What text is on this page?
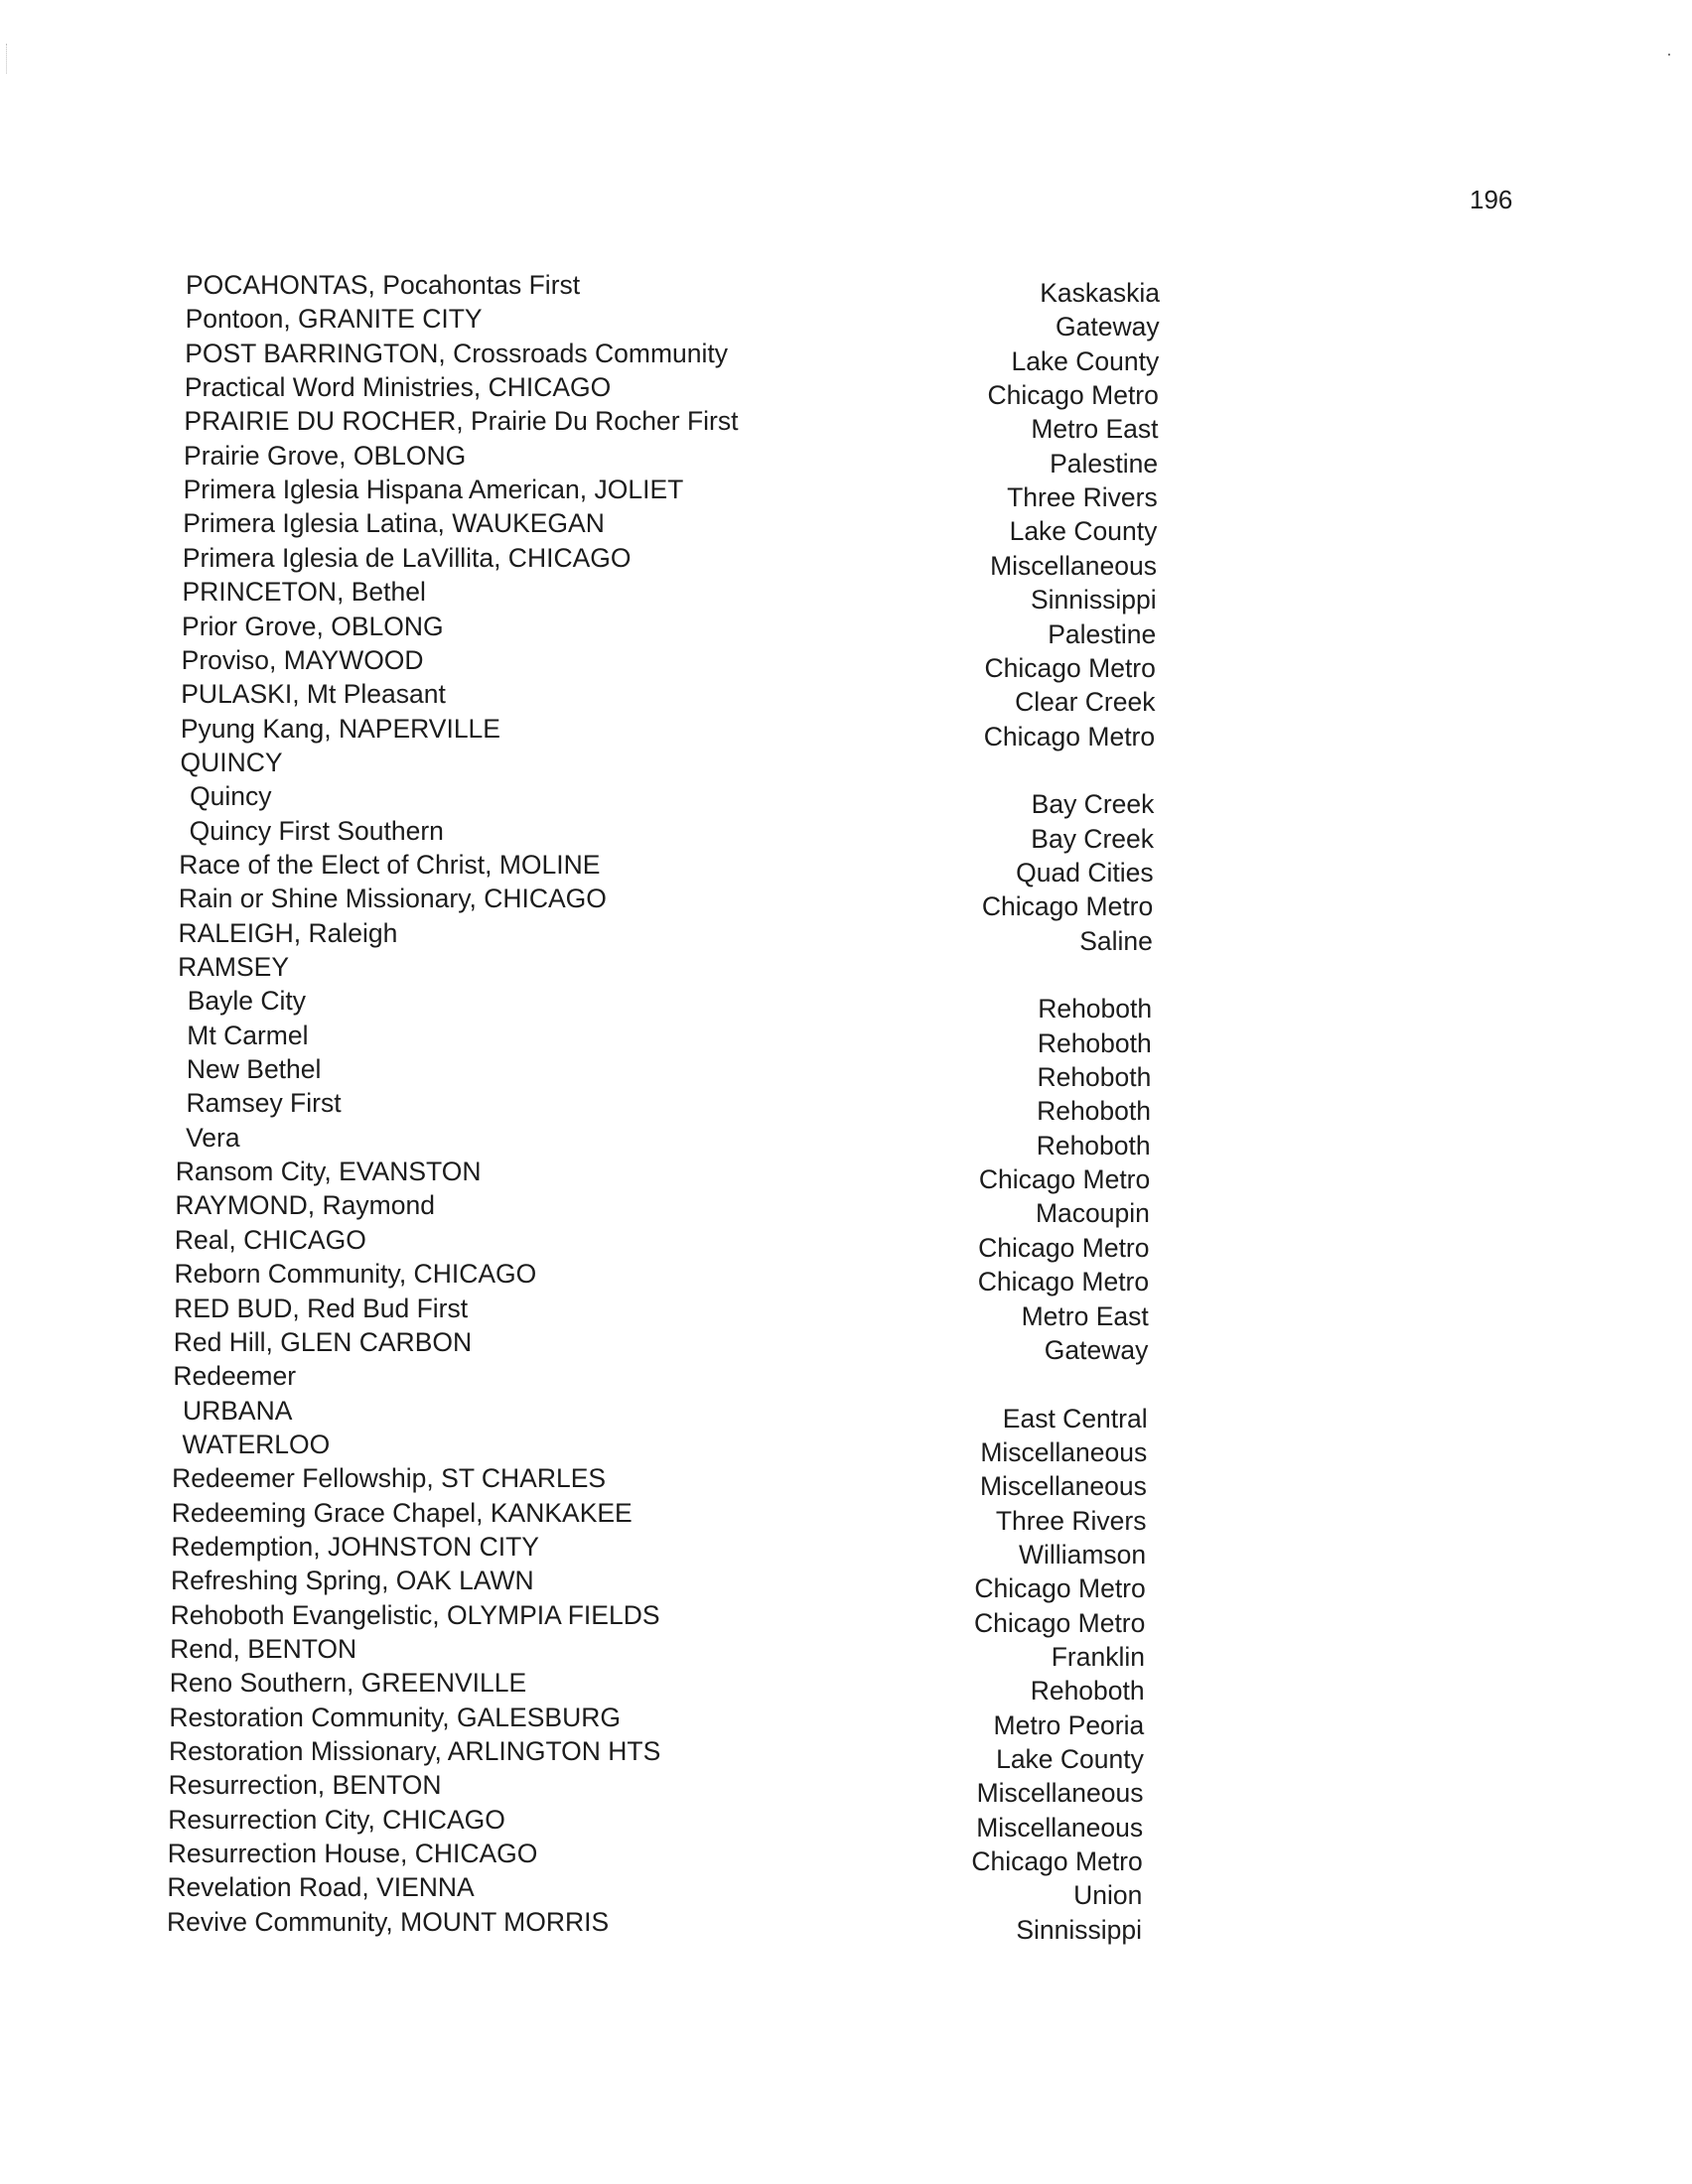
196
POCAHONTAS, Pocahontas First	Kaskaskia
Pontoon, GRANITE CITY	Gateway
POST BARRINGTON, Crossroads Community	Lake County
Practical Word Ministries, CHICAGO	Chicago Metro
PRAIRIE DU ROCHER, Prairie Du Rocher First	Metro East
Prairie Grove, OBLONG	Palestine
Primera Iglesia Hispana American, JOLIET	Three Rivers
Primera Iglesia Latina, WAUKEGAN	Lake County
Primera Iglesia de LaVillita, CHICAGO	Miscellaneous
PRINCETON, Bethel	Sinnissippi
Prior Grove, OBLONG	Palestine
Proviso, MAYWOOD	Chicago Metro
PULASKI, Mt Pleasant	Clear Creek
Pyung Kang, NAPERVILLE	Chicago Metro
QUINCY
Quincy	Bay Creek
Quincy First Southern	Bay Creek
Race of the Elect of Christ, MOLINE	Quad Cities
Rain or Shine Missionary, CHICAGO	Chicago Metro
RALEIGH, Raleigh	Saline
RAMSEY
Bayle City	Rehoboth
Mt Carmel	Rehoboth
New Bethel	Rehoboth
Ramsey First	Rehoboth
Vera	Rehoboth
Ransom City, EVANSTON	Chicago Metro
RAYMOND, Raymond	Macoupin
Real, CHICAGO	Chicago Metro
Reborn Community, CHICAGO	Chicago Metro
RED BUD, Red Bud First	Metro East
Red Hill, GLEN CARBON	Gateway
Redeemer
URBANA	East Central
WATERLOO	Miscellaneous
Redeemer Fellowship, ST CHARLES	Miscellaneous
Redeeming Grace Chapel, KANKAKEE	Three Rivers
Redemption, JOHNSTON CITY	Williamson
Refreshing Spring, OAK LAWN	Chicago Metro
Rehoboth Evangelistic, OLYMPIA FIELDS	Chicago Metro
Rend, BENTON	Franklin
Reno Southern, GREENVILLE	Rehoboth
Restoration Community, GALESBURG	Metro Peoria
Restoration Missionary, ARLINGTON HTS	Lake County
Resurrection, BENTON	Miscellaneous
Resurrection City, CHICAGO	Miscellaneous
Resurrection House, CHICAGO	Chicago Metro
Revelation Road, VIENNA	Union
Revive Community, MOUNT MORRIS	Sinnissippi
